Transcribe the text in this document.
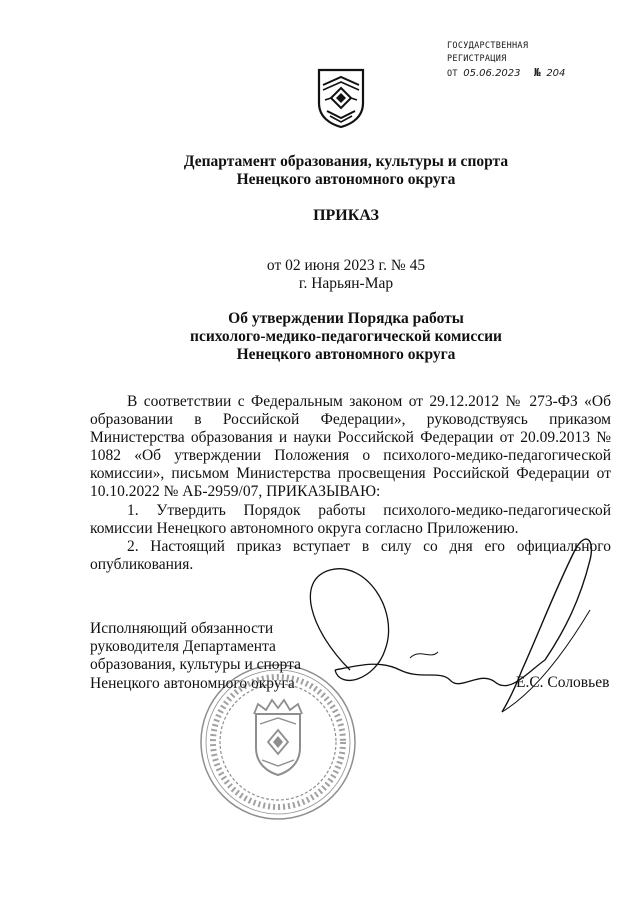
ГОСУДАРСТВЕННАЯ
РЕГИСТРАЦИЯ
ОТ 05.06.2023 № 204
Департамент образования, культуры и спорта
Ненецкого автономного округа
ПРИКАЗ
от 02 июня 2023 г. № 45
г. Нарьян-Мар
Об утверждении Порядка работы
психолого-медико-педагогической комиссии
Ненецкого автономного округа

В соответствии с Федеральным законом от 29.12.2012 № 273-ФЗ «Об образовании в Российской Федерации», руководствуясь приказом Министерства образования и науки Российской Федерации от 20.09.2013 № 1082 «Об утверждении Положения о психолого-медико-педагогической комиссии», письмом Министерства просвещения Российской Федерации от 10.10.2022 № АБ-2959/07, ПРИКАЗЫВАЮ:

1. Утвердить Порядок работы психолого-медико-педагогической комиссии Ненецкого автономного округа согласно Приложению.

2. Настоящий приказ вступает в силу со дня его официального опубликования.

Исполняющий обязанности
руководителя Департамента
образования, культуры и спорта
Ненецкого автономного округа	Е.С. Соловьев
